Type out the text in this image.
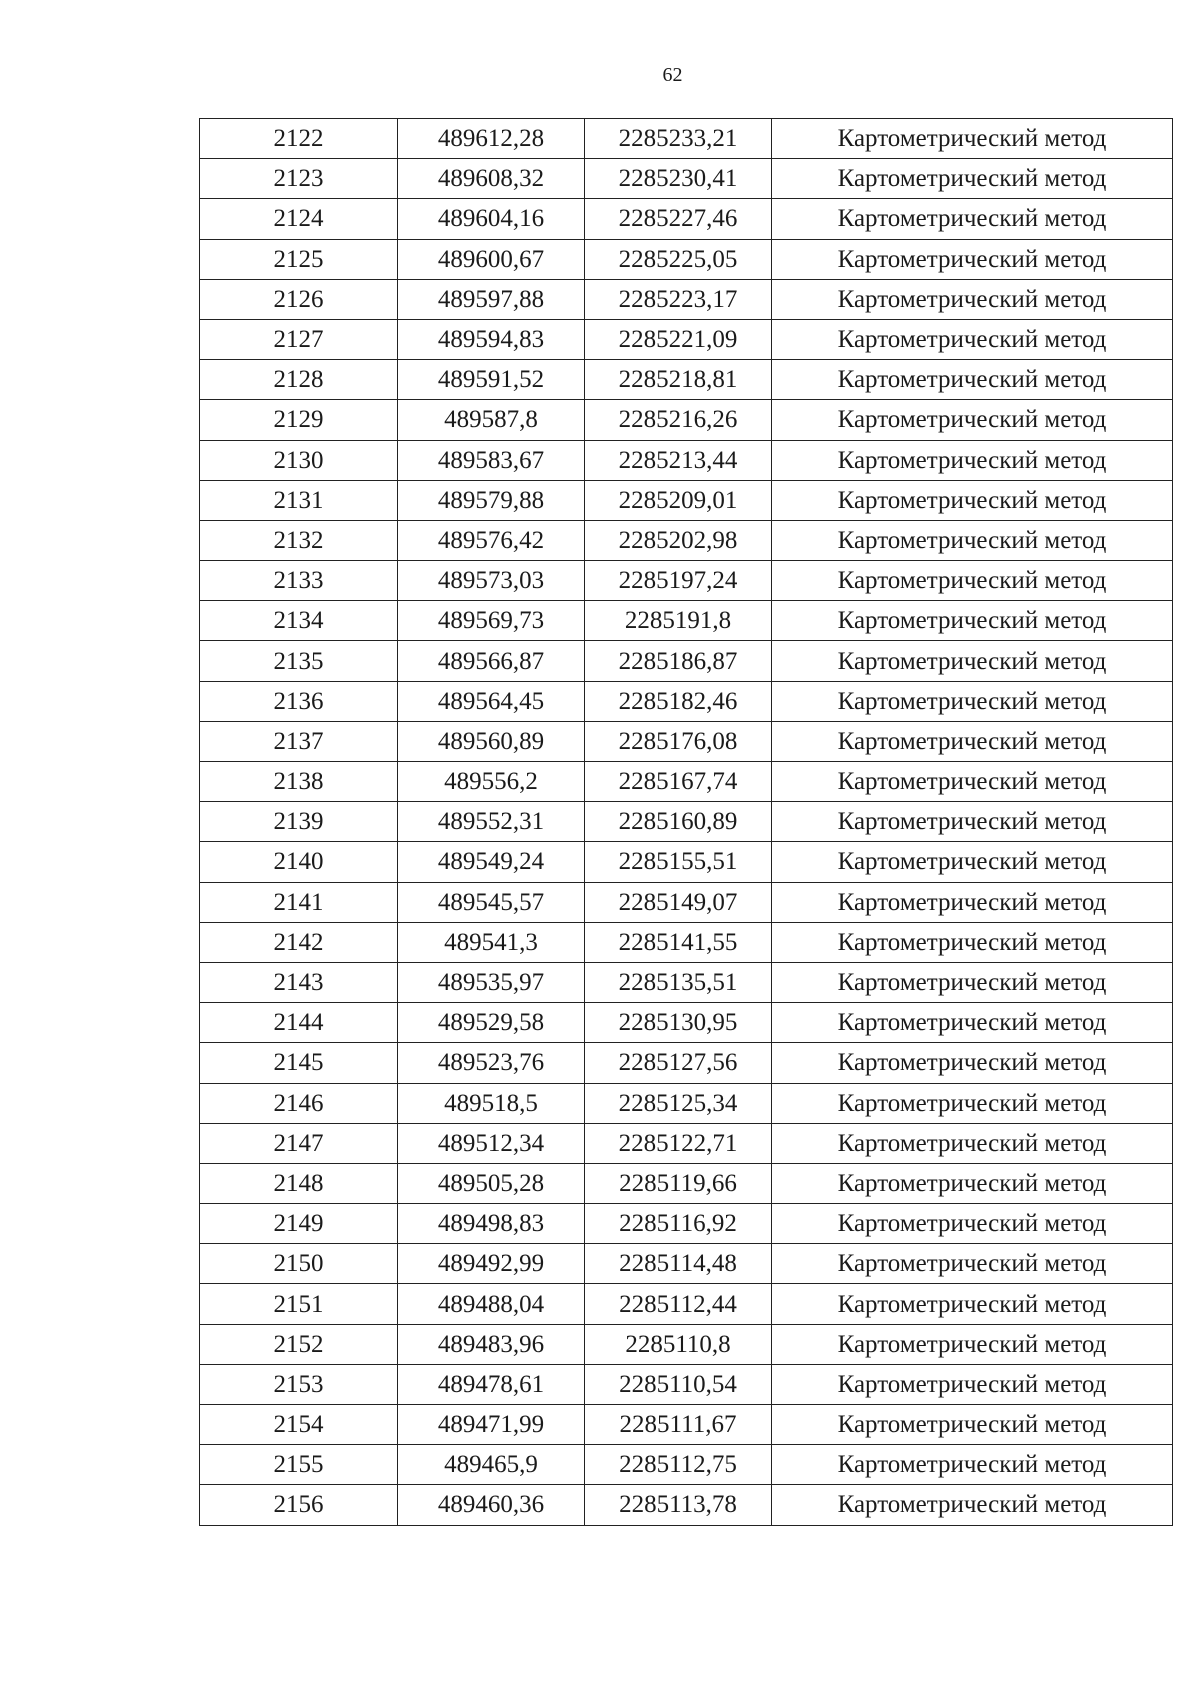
62
2122	489612,28	2285233,21	Картометрический метод
2123	489608,32	2285230,41	Картометрический метод
2124	489604,16	2285227,46	Картометрический метод
2125	489600,67	2285225,05	Картометрический метод
2126	489597,88	2285223,17	Картометрический метод
2127	489594,83	2285221,09	Картометрический метод
2128	489591,52	2285218,81	Картометрический метод
2129	489587,8	2285216,26	Картометрический метод
2130	489583,67	2285213,44	Картометрический метод
2131	489579,88	2285209,01	Картометрический метод
2132	489576,42	2285202,98	Картометрический метод
2133	489573,03	2285197,24	Картометрический метод
2134	489569,73	2285191,8	Картометрический метод
2135	489566,87	2285186,87	Картометрический метод
2136	489564,45	2285182,46	Картометрический метод
2137	489560,89	2285176,08	Картометрический метод
2138	489556,2	2285167,74	Картометрический метод
2139	489552,31	2285160,89	Картометрический метод
2140	489549,24	2285155,51	Картометрический метод
2141	489545,57	2285149,07	Картометрический метод
2142	489541,3	2285141,55	Картометрический метод
2143	489535,97	2285135,51	Картометрический метод
2144	489529,58	2285130,95	Картометрический метод
2145	489523,76	2285127,56	Картометрический метод
2146	489518,5	2285125,34	Картометрический метод
2147	489512,34	2285122,71	Картометрический метод
2148	489505,28	2285119,66	Картометрический метод
2149	489498,83	2285116,92	Картометрический метод
2150	489492,99	2285114,48	Картометрический метод
2151	489488,04	2285112,44	Картометрический метод
2152	489483,96	2285110,8	Картометрический метод
2153	489478,61	2285110,54	Картометрический метод
2154	489471,99	2285111,67	Картометрический метод
2155	489465,9	2285112,75	Картометрический метод
2156	489460,36	2285113,78	Картометрический метод
